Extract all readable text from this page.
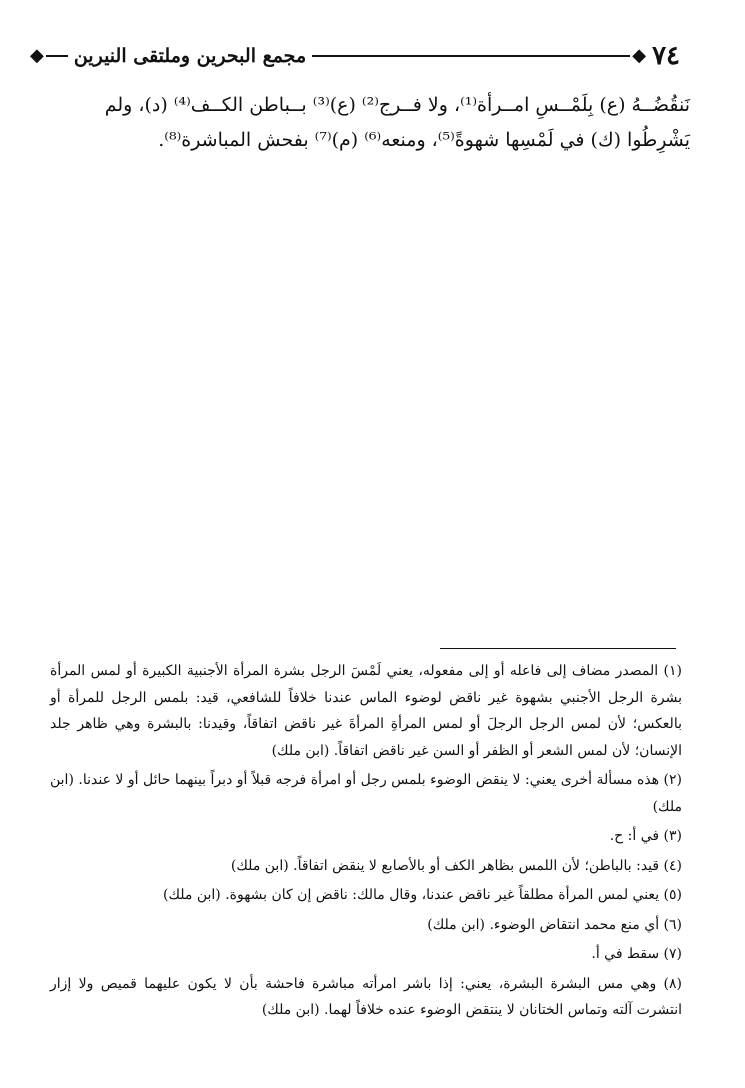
٧٤
◆
مجمع البحرين وملتقى النيرين
◆

نَنقُضُــهُ (ع) بِلَمْــسِ امــرأة⁽¹⁾، ولا فــرج⁽²⁾ (ع)⁽³⁾ بــباطن الكــف⁽⁴⁾ (د)، ولم

يَشْرِطُوا (ك) في لَمْسِها شهوةً⁽⁵⁾، ومنعه⁽⁶⁾ (م)⁽⁷⁾ بفحش المباشرة⁽⁸⁾.

(١) المصدر مضاف إلى فاعله أو إلى مفعوله، يعني لَمْسَ الرجل بشرة المرأة الأجنبية الكبيرة أو لمس المرأة بشرة الرجل الأجنبي بشهوة غير ناقض لوضوء الماس عندنا خلافاً للشافعي، قيد: بلمس الرجل للمرأة أو بالعكس؛ لأن لمس الرجل الرجلَ أو لمس المرأةِ المرأةَ غير ناقض اتفاقاً، وقيدنا: بالبشرة وهي ظاهر جلد الإنسان؛ لأن لمس الشعر أو الظفر أو السن غير ناقض اتفاقاً. (ابن ملك)

(٢) هذه مسألة أخرى يعني: لا ينقض الوضوء بلمس رجل أو امرأة فرجه قبلاً أو دبراً بينهما حائل أو لا عندنا. (ابن ملك)

(٣) في أ: ح.

(٤) قيد: بالباطن؛ لأن اللمس بظاهر الكف أو بالأصابع لا ينقض اتفاقاً. (ابن ملك)

(٥) يعني لمس المرأة مطلقاً غير ناقض عندنا، وقال مالك: ناقض إن كان بشهوة. (ابن ملك)

(٦) أي منع محمد انتقاض الوضوء. (ابن ملك)

(٧) سقط في أ.

(٨) وهي مس البشرة البشرة، يعني: إذا باشر امرأته مباشرة فاحشة بأن لا يكون عليهما قميص ولا إزار انتشرت آلته وتماس الختانان لا ينتقض الوضوء عنده خلافاً لهما. (ابن ملك)
